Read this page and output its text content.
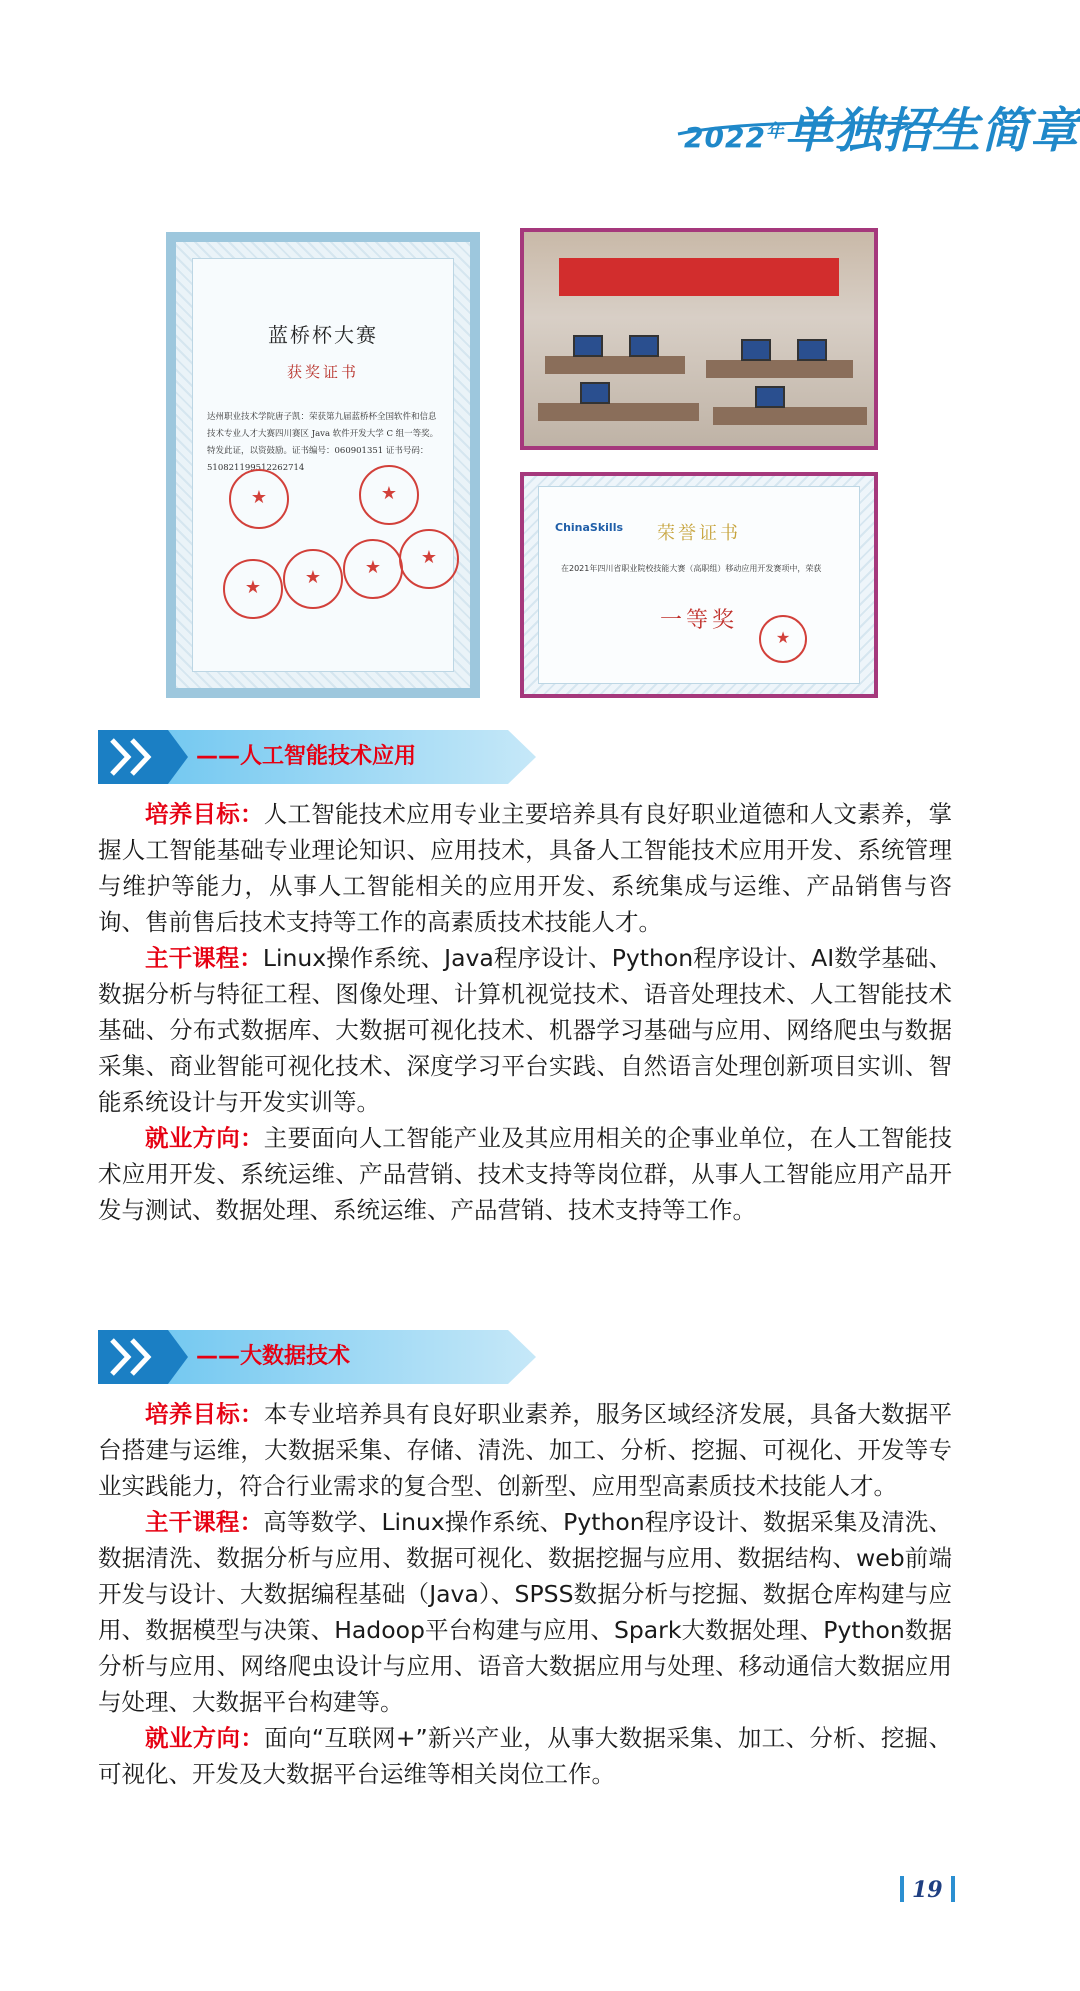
$2022^年$单独招生简章
蓝桥杯大赛
获奖证书
达州职业技术学院唐子凯：荣获第九届蓝桥杯全国软件和信息技术专业人才大赛四川赛区 Java 软件开发大学 C 组一等奖。特发此证，以资鼓励。证书编号：060901351 证书号码：510821199512262714
★	★	★	★
★	★
ChinaSkills	荣誉证书
在2021年四川省职业院校技能大赛（高职组）移动应用开发赛项中，荣获
一等奖
★
——人工智能技术应用

培养目标：人工智能技术应用专业主要培养具有良好职业道德和人文素养，掌握人工智能基础专业理论知识、应用技术，具备人工智能技术应用开发、系统管理与维护等能力，从事人工智能相关的应用开发、系统集成与运维、产品销售与咨询、售前售后技术支持等工作的高素质技术技能人才。

主干课程：Linux操作系统、Java程序设计、Python程序设计、AI数学基础、数据分析与特征工程、图像处理、计算机视觉技术、语音处理技术、人工智能技术基础、分布式数据库、大数据可视化技术、机器学习基础与应用、网络爬虫与数据采集、商业智能可视化技术、深度学习平台实践、自然语言处理创新项目实训、智能系统设计与开发实训等。

就业方向：主要面向人工智能产业及其应用相关的企事业单位，在人工智能技术应用开发、系统运维、产品营销、技术支持等岗位群，从事人工智能应用产品开发与测试、数据处理、系统运维、产品营销、技术支持等工作。

——大数据技术

培养目标：本专业培养具有良好职业素养，服务区域经济发展，具备大数据平台搭建与运维，大数据采集、存储、清洗、加工、分析、挖掘、可视化、开发等专业实践能力，符合行业需求的复合型、创新型、应用型高素质技术技能人才。

主干课程：高等数学、Linux操作系统、Python程序设计、数据采集及清洗、数据清洗、数据分析与应用、数据可视化、数据挖掘与应用、数据结构、web前端开发与设计、大数据编程基础（Java）、SPSS数据分析与挖掘、数据仓库构建与应用、数据模型与决策、Hadoop平台构建与应用、Spark大数据处理、Python数据分析与应用、网络爬虫设计与应用、语音大数据应用与处理、移动通信大数据应用与处理、大数据平台构建等。

就业方向：面向“互联网+”新兴产业，从事大数据采集、加工、分析、挖掘、可视化、开发及大数据平台运维等相关岗位工作。

19
